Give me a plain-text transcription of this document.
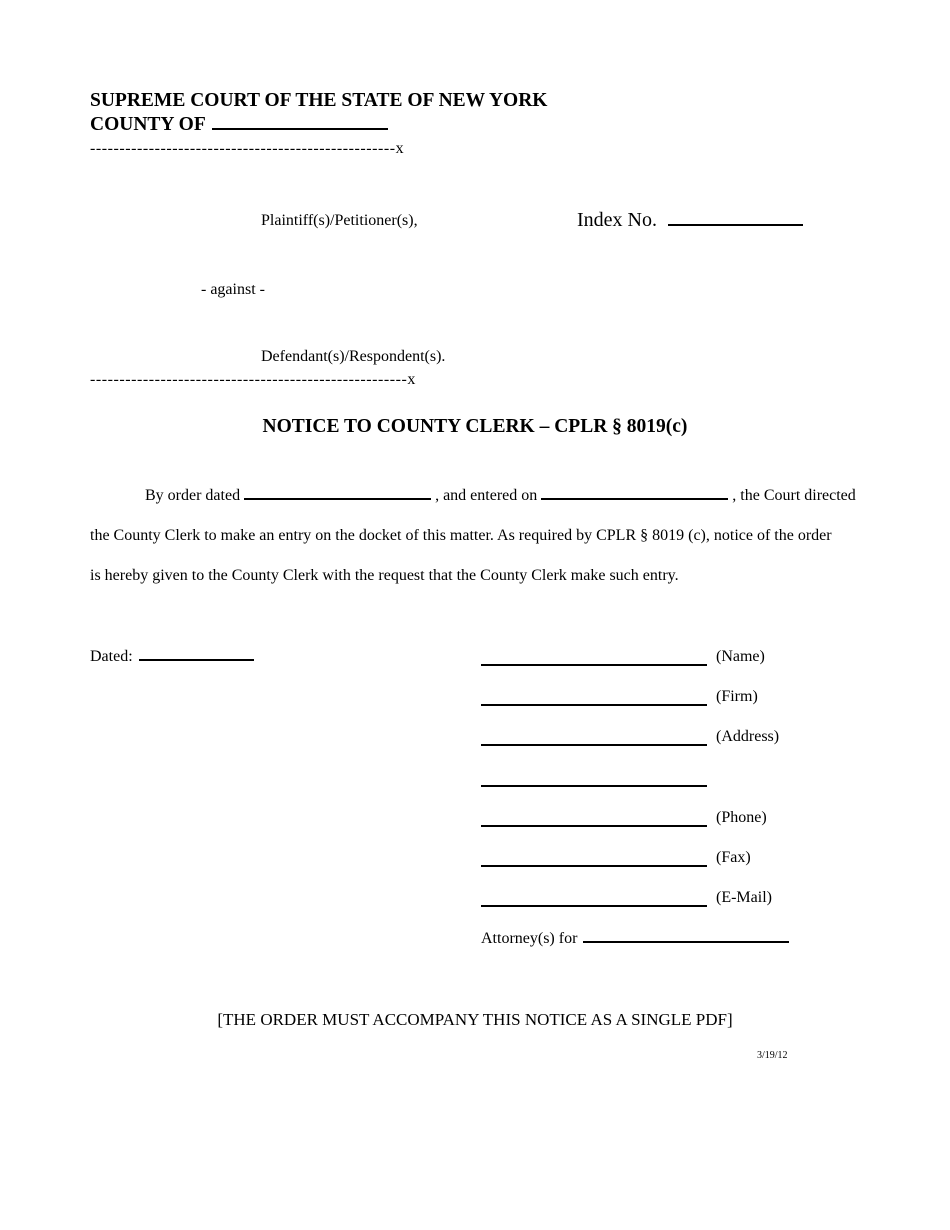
SUPREME COURT OF THE STATE OF NEW YORK
COUNTY OF
----------------------------------------------------x
Plaintiff(s)/Petitioner(s),	Index No.
- against -
Defendant(s)/Respondent(s).
------------------------------------------------------x
NOTICE TO COUNTY CLERK – CPLR § 8019(c)
By order dated	, and entered on	, the Court directed
the County Clerk to make an entry on the docket of this matter. As required by CPLR § 8019 (c), notice of the order
is hereby given to the County Clerk with the request that the County Clerk make such entry.
Dated:	(Name)
(Firm)
(Address)
(Phone)
(Fax)
(E-Mail)
Attorney(s) for
[THE ORDER MUST ACCOMPANY THIS NOTICE AS A SINGLE PDF]
3/19/12
